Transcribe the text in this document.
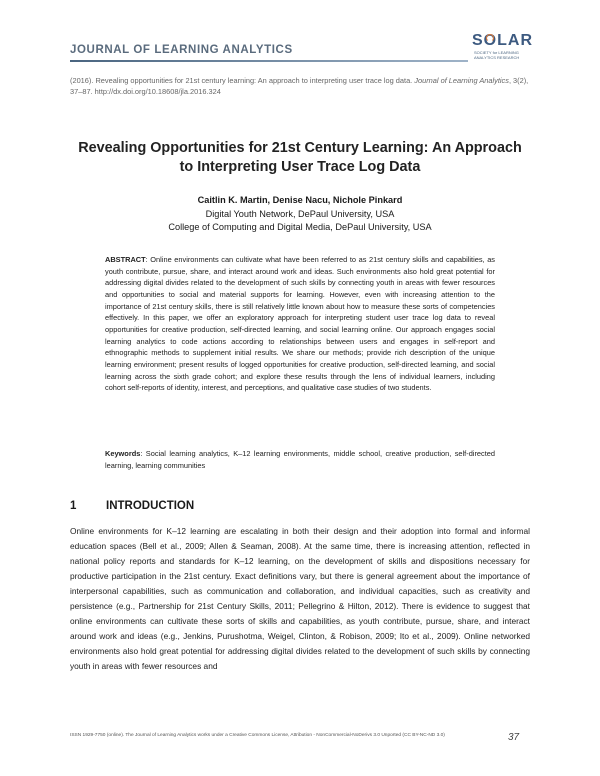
JOURNAL OF LEARNING ANALYTICS
SOLAR
SOCIETY for LEARNING ANALYTICS RESEARCH
(2016). Revealing opportunities for 21st century learning: An approach to interpreting user trace log data. Journal of Learning Analytics, 3(2), 37–87. http://dx.doi.org/10.18608/jla.2016.324
Revealing Opportunities for 21st Century Learning: An Approach to Interpreting User Trace Log Data
Caitlin K. Martin, Denise Nacu, Nichole Pinkard
Digital Youth Network, DePaul University, USA
College of Computing and Digital Media, DePaul University, USA
ABSTRACT: Online environments can cultivate what have been referred to as 21st century skills and capabilities, as youth contribute, pursue, share, and interact around work and ideas. Such environments also hold great potential for addressing digital divides related to the development of such skills by connecting youth in areas with fewer resources and opportunities to social and material supports for learning. However, even with increasing attention to the importance of 21st century skills, there is still relatively little known about how to measure these sorts of competencies effectively. In this paper, we offer an exploratory approach for interpreting student user trace log data to reveal opportunities for creative production, self-directed learning, and social learning online. Our approach engages social learning analytics to code actions according to relationships between users and engages in self-report and ethnographic methods to supplement initial results. We share our methods; provide rich description of the unique learning environment; present results of logged opportunities for creative production, self-directed learning, and social learning across the sixth grade cohort; and explore these results through the lens of individual learners, including cohort self-reports of identity, interest, and perceptions, and qualitative case studies of two students.
Keywords: Social learning analytics, K–12 learning environments, middle school, creative production, self-directed learning, learning communities
1	INTRODUCTION
Online environments for K–12 learning are escalating in both their design and their adoption into formal and informal education spaces (Bell et al., 2009; Allen & Seaman, 2008). At the same time, there is increasing attention, reflected in national policy reports and standards for K–12 learning, on the development of skills and dispositions necessary for productive participation in the 21st century. Exact definitions vary, but there is general agreement about the importance of interpersonal capabilities, such as communication and collaboration, and individual capacities, such as creativity and persistence (e.g., Partnership for 21st Century Skills, 2011; Pellegrino & Hilton, 2012). There is evidence to suggest that online environments can cultivate these sorts of skills and capabilities, as youth contribute, pursue, share, and interact around work and ideas (e.g., Jenkins, Purushotma, Weigel, Clinton, & Robison, 2009; Ito et al., 2009). Online networked environments also hold great potential for addressing digital divides related to the development of such skills by connecting youth in areas with fewer resources and
ISSN 1929-7750 (online). The Journal of Learning Analytics works under a Creative Commons License, Attribution - NonCommercial-NoDerivs 3.0 Unported (CC BY-NC-ND 3.0)	37
